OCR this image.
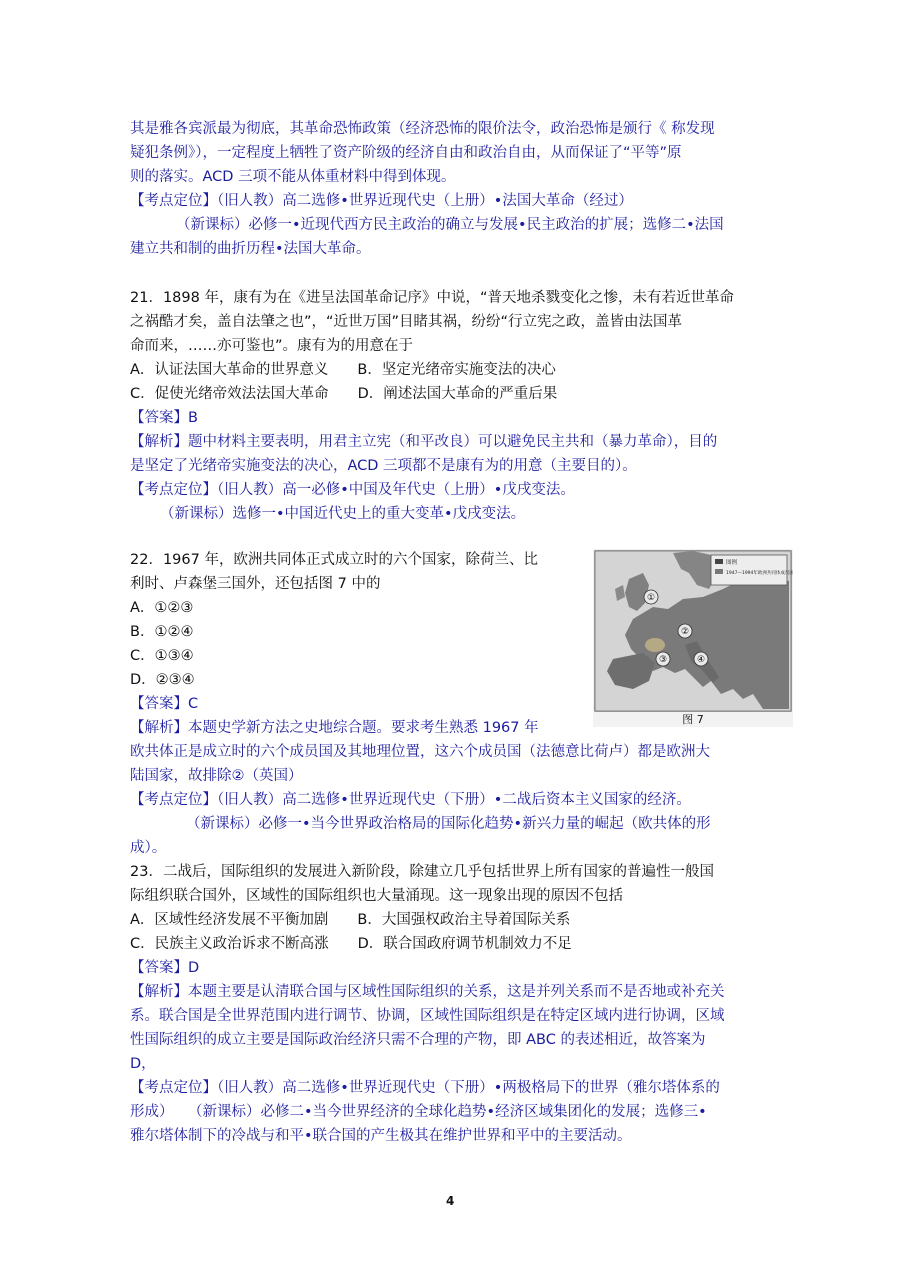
其是雅各宾派最为彻底，其革命恐怖政策（经济恐怖的限价法令，政治恐怖是颁行《 称发现
疑犯条例》），一定程度上牺牲了资产阶级的经济自由和政治自由，从而保证了“平等”原
则的落实。ACD 三项不能从体重材料中得到体现。
【考点定位】（旧人教）高二选修•世界近现代史（上册）•法国大革命（经过）
（新课标）必修一•近现代西方民主政治的确立与发展•民主政治的扩展；选修二•法国
建立共和制的曲折历程•法国大革命。
21．1898 年，康有为在《进呈法国革命记序》中说，“普天地杀戮变化之惨，未有若近世革命
之祸酷才矣，盖自法肇之也”，“近世万国”目睹其祸，纷纷“行立宪之政，盖皆由法国革
命而来，……亦可鉴也”。康有为的用意在于
A．认证法国大革命的世界意义　　B．坚定光绪帝实施变法的决心
C．促使光绪帝效法法国大革命　　D．阐述法国大革命的严重后果
【答案】B
【解析】题中材料主要表明，用君主立宪（和平改良）可以避免民主共和（暴力革命），目的
是坚定了光绪帝实施变法的决心，ACD 三项都不是康有为的用意（主要目的）。
【考点定位】（旧人教）高一必修•中国及年代史（上册）•戊戌变法。
（新课标）选修一•中国近代史上的重大变革•戊戌变法。
22．1967 年，欧洲共同体正式成立时的六个国家，除荷兰、比
利时、卢森堡三国外，还包括图 7 中的
A．①②③
B．①②④
C．①③④
D．②③④
【答案】C
【解析】本题史学新方法之史地综合题。要求考生熟悉 1967 年
欧共体正是成立时的六个成员国及其地理位置，这六个成员国（法德意比荷卢）都是欧洲大
陆国家，故排除②（英国）
【考点定位】（旧人教）高二选修•世界近现代史（下册）•二战后资本主义国家的经济。
（新课标）必修一•当今世界政治格局的国际化趋势•新兴力量的崛起（欧共体的形
成）。
23．二战后，国际组织的发展进入新阶段，除建立几乎包括世界上所有国家的普遍性一般国
际组织联合国外，区域性的国际组织也大量涌现。这一现象出现的原因不包括
A．区域性经济发展不平衡加剧　　B．大国强权政治主导着国际关系
C．民族主义政治诉求不断高涨　　D．联合国政府调节机制效力不足
【答案】D
【解析】本题主要是认清联合国与区域性国际组织的关系，这是并列关系而不是否地或补充关
系。联合国是全世界范围内进行调节、协调，区域性国际组织是在特定区域内进行协调，区域
性国际组织的成立主要是国际政治经济只需不合理的产物，即 ABC 的表述相近，故答案为
D，
【考点定位】（旧人教）高二选修•世界近现代史（下册）•两极格局下的世界（雅尔塔体系的
形成）　　（新课标）必修二•当今世界经济的全球化趋势•经济区域集团化的发展；选修三•
雅尔塔体制下的冷战与和平•联合国的产生极其在维护世界和平中的主要活动。
图例
1947—1994年欧洲共同体成员国
①
②
③	④
图 7
4
